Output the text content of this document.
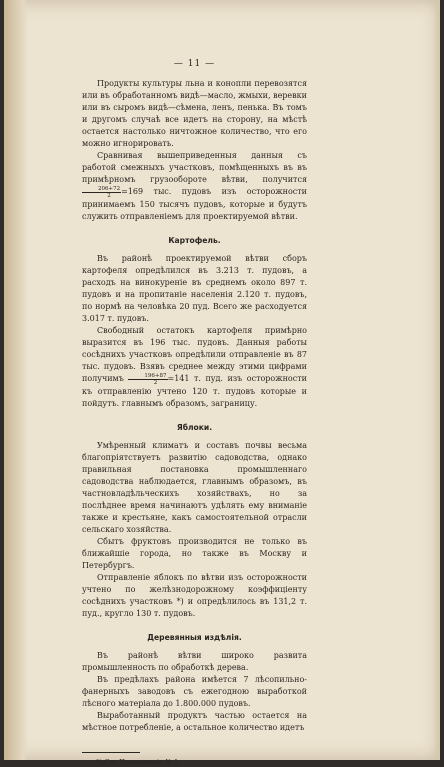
— 11 —

Продукты культуры льна и конопли перевозятся или въ обработанномъ видѣ—масло, жмыхи, веревки или въ сыромъ видѣ—сѣмена, ленъ, пенька. Въ томъ и другомъ случаѣ все идетъ на сторону, на мѣстѣ остается настолько ничтожное количество, что его можно игнорировать.

Сравнивая вышеприведенныя данныя съ работой смежныхъ участковъ, помѣщенныхъ въ въ примѣрномъ грузообороте вѣтви, получится
$\frac{206+72}{2} =169$ тыс. пудовъ изъ осторожности принимаемъ 150 тысячъ пудовъ, которые и будутъ служить отправленіемъ для проектируемой вѣтви.

Картофель.

Въ районѣ проектируемой вѣтви сборъ картофеля опредѣлился въ 3.213 т. пудовъ, а расходъ на винокуреніе въ среднемъ около 897 т. пудовъ и на пропитаніе населенія 2.120 т. пудовъ, по нормѣ на человѣка 20 пуд. Всего же расходуется 3.017 т. пудовъ.

Свободный остатокъ картофеля примѣрно выразится въ 196 тыс. пудовъ. Данныя работы сосѣднихъ участковъ опредѣлили отправленіе въ 87 тыс. пудовъ. Взявъ среднее между этими цифрами получимъ $\frac{196+87}{2} =141$ т. пуд. изъ осторожности къ отправленію учтено 120 т. пудовъ которые и пойдутъ. главнымъ образомъ, заграницу.

Яблоки.

Умѣренный климатъ и составъ почвы весьма благопріятствуетъ развитію садоводства, однако правильная постановка промышленнаго садоводства наблюдается, главнымъ образомъ, въ частновладѣльческихъ хозяйствахъ, но за послѣднее время начинаютъ удѣлять ему вниманіе также и крестьяне, какъ самостоятельной отрасли сельскаго хозяйства.

Сбытъ фруктовъ производится не только въ ближайшіе города, но также въ Москву и Петербургъ.

Отправленіе яблокъ по вѣтви изъ осторожности учтено по желѣзнодорожному коэффиціенту сосѣднихъ участковъ *) и опредѣлилось въ 131,2 т. пуд., кругло 130 т. пудовъ.

Деревянныя издѣлія.

Въ районѣ вѣтви широко развита промышленность по обработкѣ дерева.

Въ предѣлахъ района имѣется 7 лѣсопильно-фанерныхъ заводовъ съ ежегодною выработкой лѣсного матеріала до 1.800.000 пудовъ.

Выработанный продуктъ частью остается на мѣстное потребленіе, а остальное количество идетъ

*) См. Приложеніе № 1.
